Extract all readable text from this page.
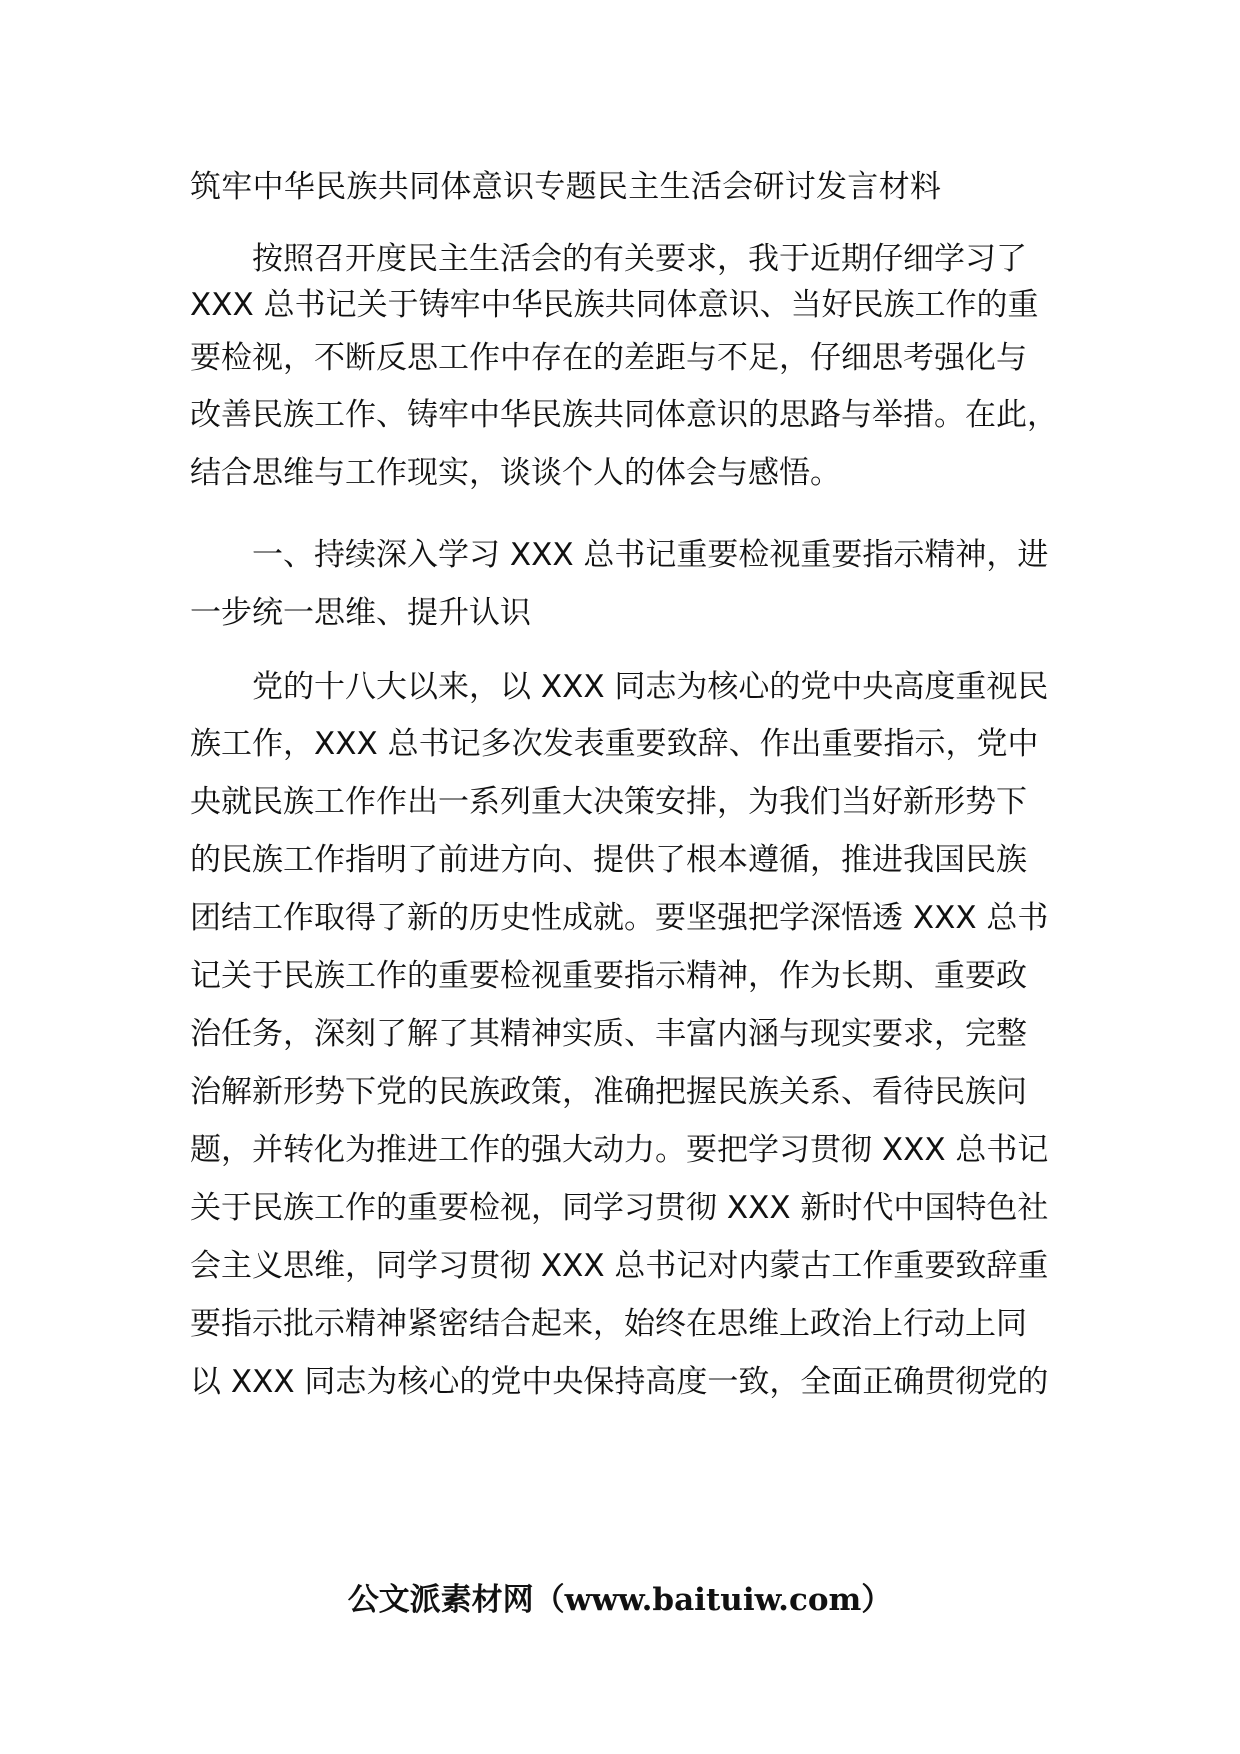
筑牢中华民族共同体意识专题民主生活会研讨发言材料

　　按照召开度民主生活会的有关要求，我于近期仔细学习了

XXX 总书记关于铸牢中华民族共同体意识、当好民族工作的重

要检视，不断反思工作中存在的差距与不足，仔细思考强化与

改善民族工作、铸牢中华民族共同体意识的思路与举措。在此，

结合思维与工作现实，谈谈个人的体会与感悟。

　　一、持续深入学习 XXX 总书记重要检视重要指示精神，进

一步统一思维、提升认识

　　党的十八大以来，以 XXX 同志为核心的党中央高度重视民

族工作，XXX 总书记多次发表重要致辞、作出重要指示，党中

央就民族工作作出一系列重大决策安排，为我们当好新形势下

的民族工作指明了前进方向、提供了根本遵循，推进我国民族

团结工作取得了新的历史性成就。要坚强把学深悟透 XXX 总书

记关于民族工作的重要检视重要指示精神，作为长期、重要政

治任务，深刻了解了其精神实质、丰富内涵与现实要求，完整

治解新形势下党的民族政策，准确把握民族关系、看待民族问

题，并转化为推进工作的强大动力。要把学习贯彻 XXX 总书记

关于民族工作的重要检视，同学习贯彻 XXX 新时代中国特色社

会主义思维，同学习贯彻 XXX 总书记对内蒙古工作重要致辞重

要指示批示精神紧密结合起来，始终在思维上政治上行动上同

以 XXX 同志为核心的党中央保持高度一致，全面正确贯彻党的

公文派素材网（www.baituiw.com）
